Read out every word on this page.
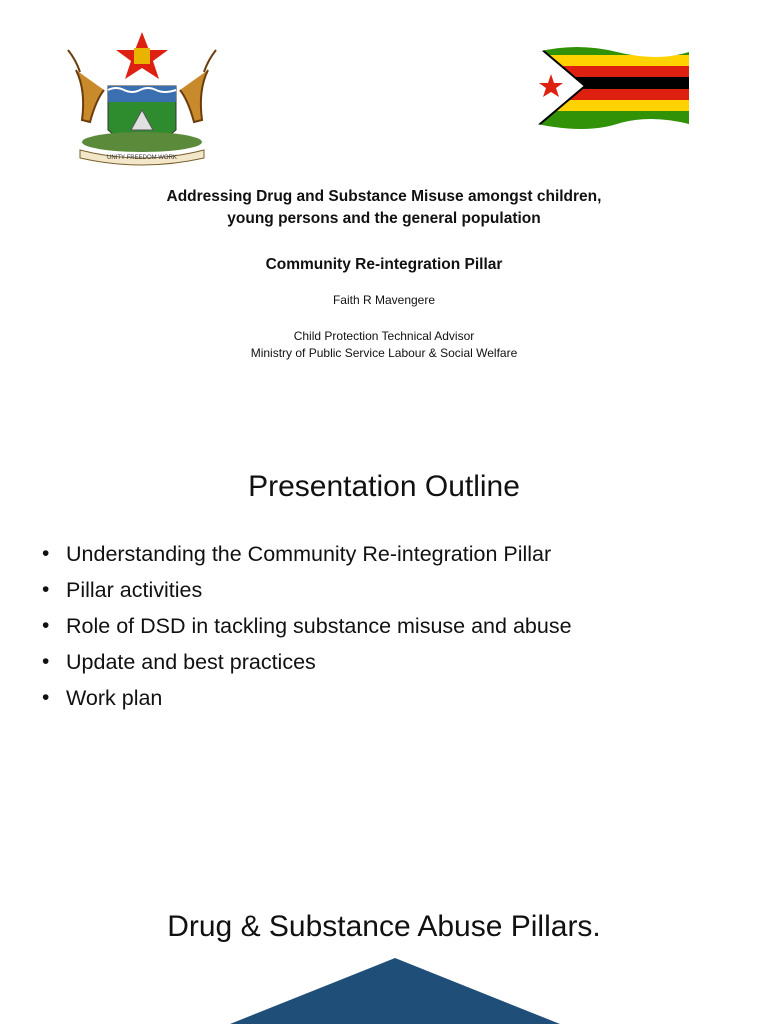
UNITY FREEDOM WORK
Addressing Drug and Substance Misuse amongst children,
young persons and the general population
Community Re-integration Pillar
Faith R Mavengere
Child Protection Technical Advisor
Ministry of Public Service Labour & Social Welfare
Presentation Outline
• Understanding the Community Re-integration Pillar
• Pillar activities
• Role of DSD in tackling substance misuse and abuse
• Update and best practices
• Work plan
Drug & Substance Abuse Pillars.
